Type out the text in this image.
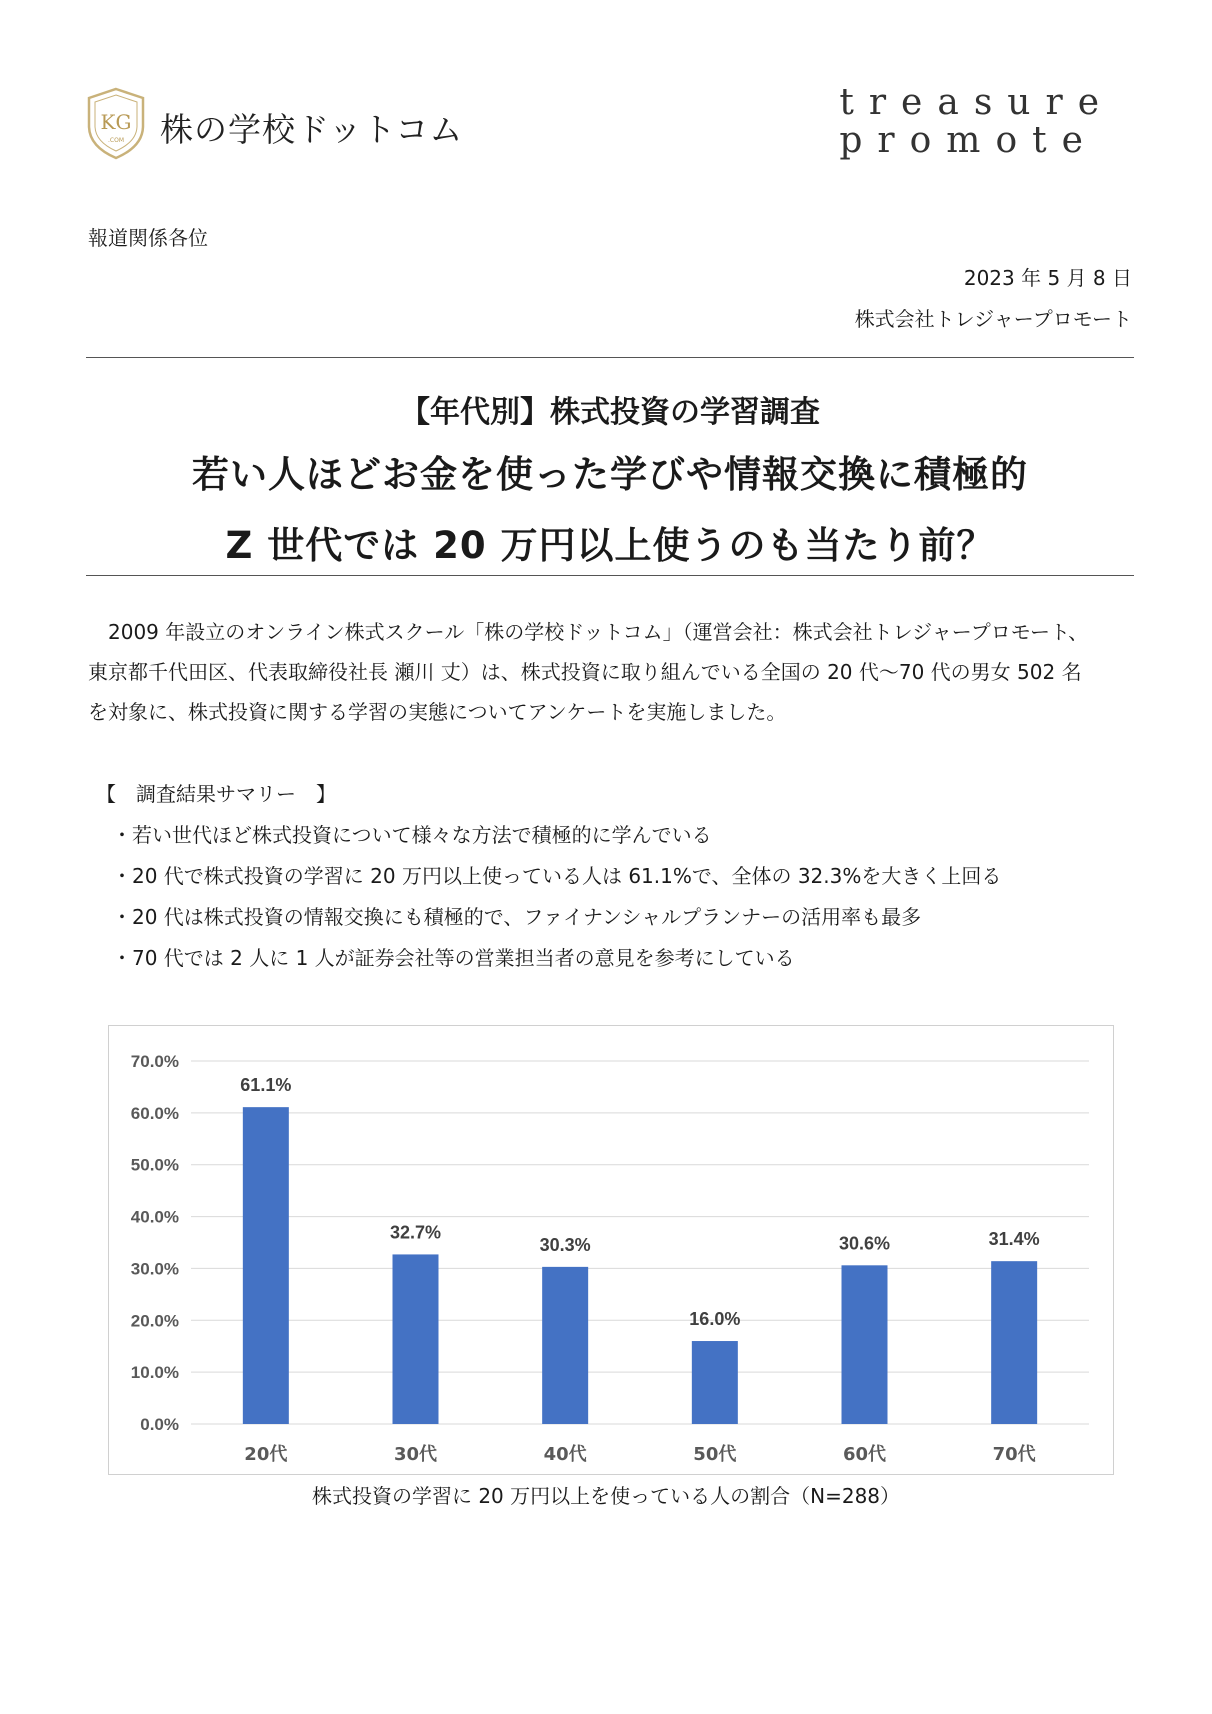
KG
.COM 株の学校ドットコム
treasure
promote
報道関係各位
2023 年 5 月 8 日
株式会社トレジャープロモート
【年代別】株式投資の学習調査
若い人ほどお金を使った学びや情報交換に積極的
Z 世代では 20 万円以上使うのも当たり前？

　2009 年設立のオンライン株式スクール「株の学校ドットコム」（運営会社：株式会社トレジャープロモート、

東京都千代田区、代表取締役社長 瀬川 丈）は、株式投資に取り組んでいる全国の 20 代～70 代の男女 502 名

を対象に、株式投資に関する学習の実態についてアンケートを実施しました。

【　調査結果サマリー　】
・若い世代ほど株式投資について様々な方法で積極的に学んでいる
・20 代で株式投資の学習に 20 万円以上使っている人は 61.1%で、全体の 32.3%を大きく上回る
・20 代は株式投資の情報交換にも積極的で、ファイナンシャルプランナーの活用率も最多
・70 代では 2 人に 1 人が証券会社等の営業担当者の意見を参考にしている
0.0%
10.0%
20.0%
30.0%
40.0%
50.0%
60.0%
70.0%
61.1%
20代
32.7%
30代
30.3%
40代
16.0%
50代
30.6%
60代
31.4%
70代
株式投資の学習に 20 万円以上を使っている人の割合（N=288）
